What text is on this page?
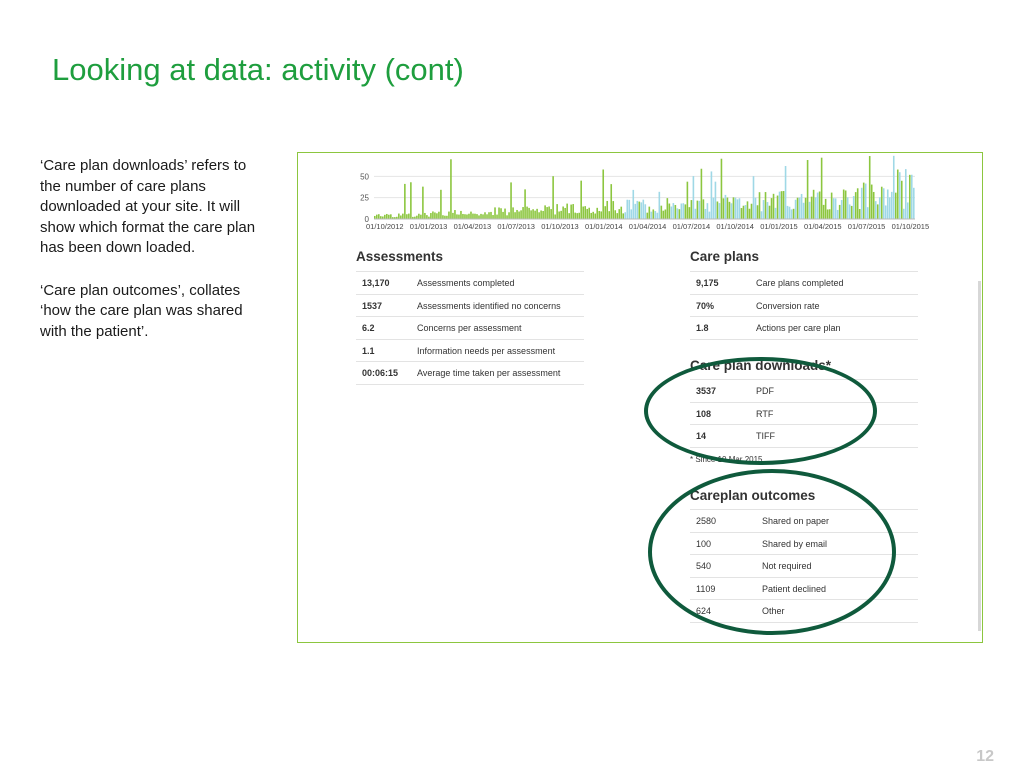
Looking at data: activity (cont)

‘Care plan downloads’ refers to the number of care plans downloaded at your site. It will show which format the care plan has been down loaded.

‘Care plan outcomes’, collates ‘how the care plan was shared with the patient’.

0
25
50
01/10/2012 01/01/2013 01/04/2013 01/07/2013 01/10/2013 01/01/2014 01/04/2014 01/07/2014 01/10/2014 01/01/2015 01/04/2015 01/07/2015 01/10/2015
Assessments
13,170	Assessments completed
1537	Assessments identified no concerns
6.2	Concerns per assessment
1.1	Information needs per assessment
00:06:15 Average time taken per assessment
Care plans
9,175	Care plans completed
70%	Conversion rate
1.8	Actions per care plan
Care plan downloads*
3537	PDF
108	RTF
14	TIFF
* Since 10 Mar 2015
Careplan outcomes
2580	Shared on paper
100	Shared by email
540	Not required
1109	Patient declined
624	Other
12
